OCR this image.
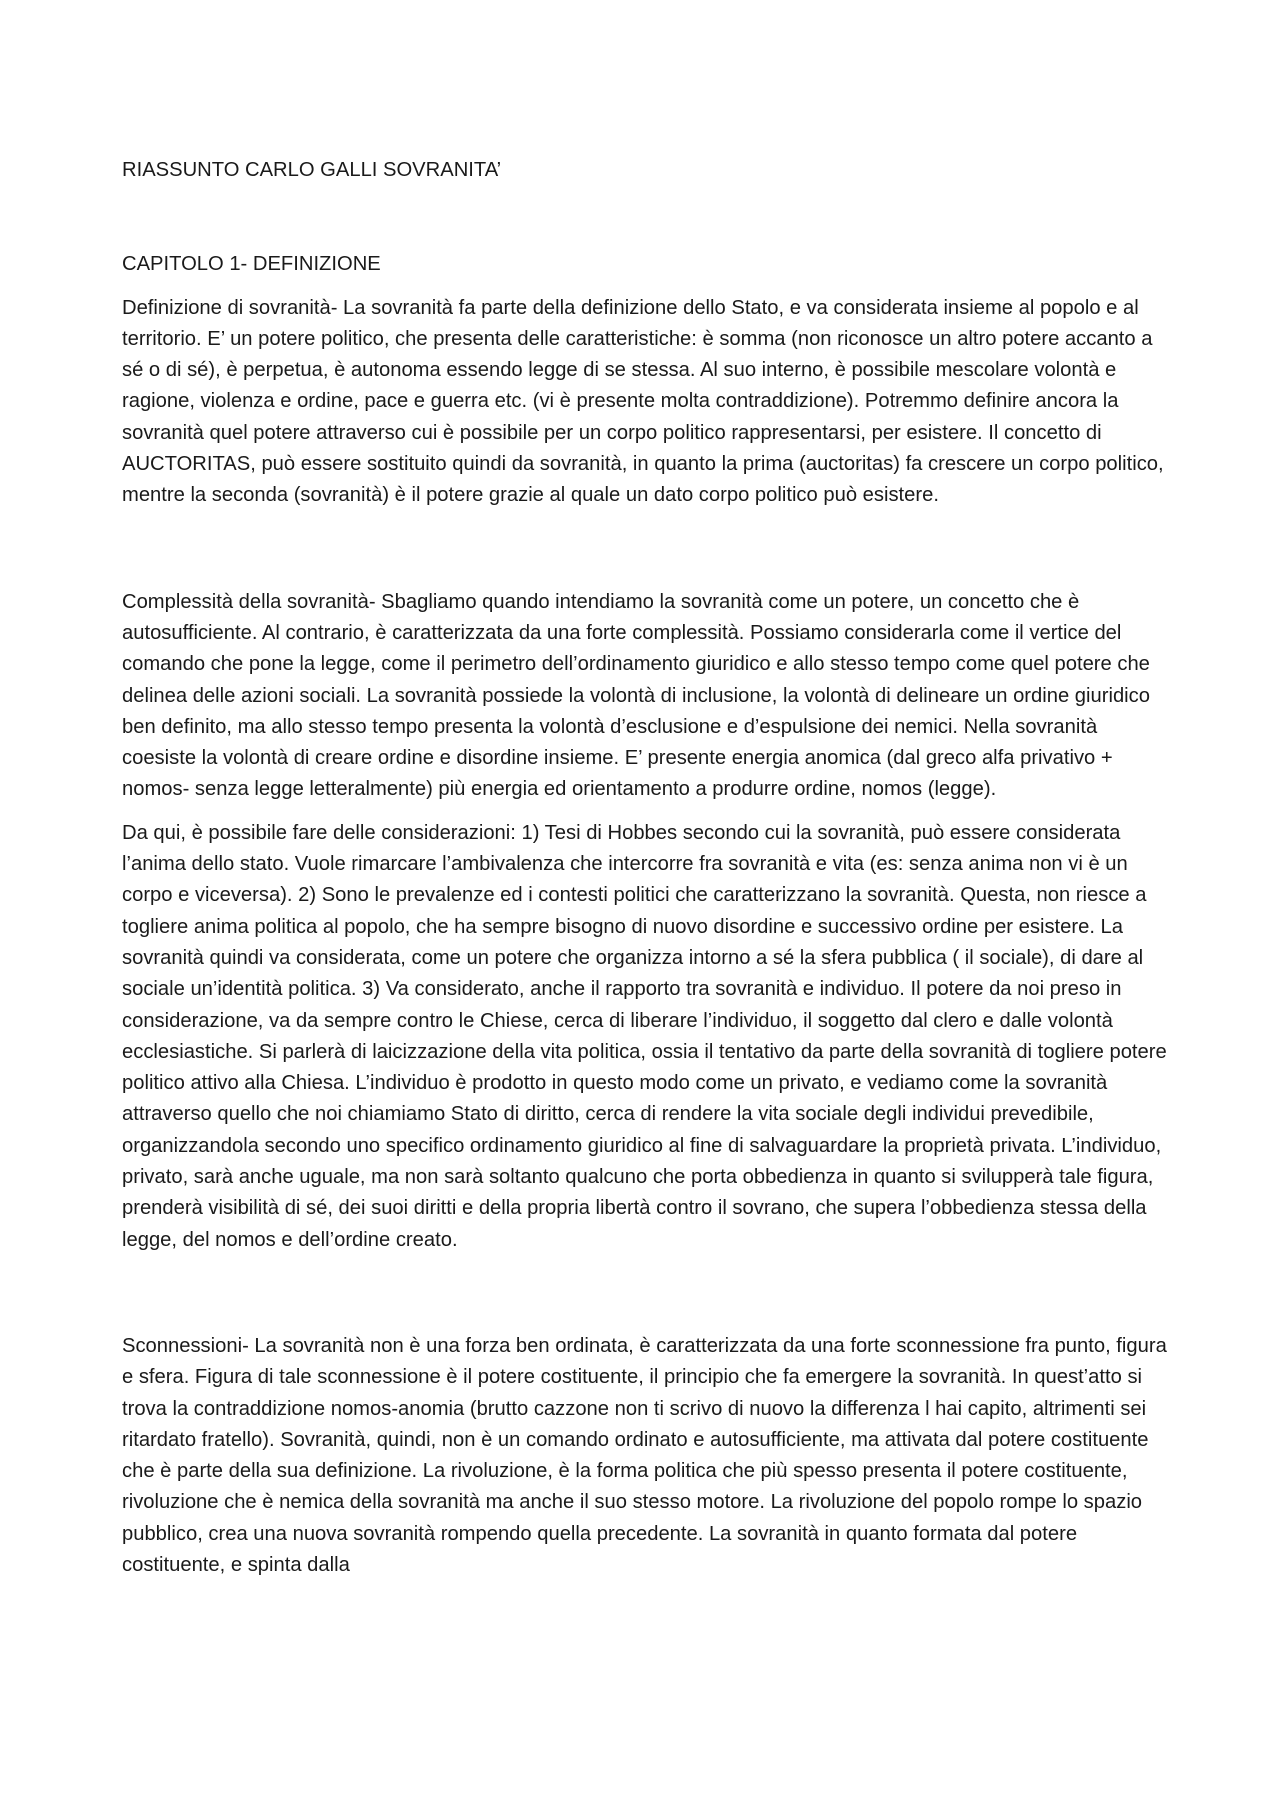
RIASSUNTO CARLO GALLI SOVRANITA’
CAPITOLO 1- DEFINIZIONE

Definizione di sovranità- La sovranità fa parte della definizione dello Stato, e va considerata insieme al popolo e al territorio. E’ un potere politico, che presenta delle caratteristiche: è somma (non riconosce un altro potere accanto a sé o di sé), è perpetua, è autonoma essendo legge di se stessa. Al suo interno, è possibile mescolare volontà e ragione, violenza e ordine, pace e guerra etc. (vi è presente molta contraddizione). Potremmo definire ancora la sovranità quel potere attraverso cui è possibile per un corpo politico rappresentarsi, per esistere. Il concetto di AUCTORITAS, può essere sostituito quindi da sovranità, in quanto la prima (auctoritas) fa crescere un corpo politico, mentre la seconda (sovranità) è il potere grazie al quale un dato corpo politico può esistere.

Complessità della sovranità- Sbagliamo quando intendiamo la sovranità come un potere, un concetto che è autosufficiente. Al contrario, è caratterizzata da una forte complessità. Possiamo considerarla come il vertice del comando che pone la legge, come il perimetro dell’ordinamento giuridico e allo stesso tempo come quel potere che delinea delle azioni sociali. La sovranità possiede la volontà di inclusione, la volontà di delineare un ordine giuridico ben definito, ma allo stesso tempo presenta la volontà d’esclusione e d’espulsione dei nemici. Nella sovranità coesiste la volontà di creare ordine e disordine insieme. E’ presente energia anomica (dal greco alfa privativo + nomos- senza legge letteralmente) più energia ed orientamento a produrre ordine, nomos (legge).

Da qui, è possibile fare delle considerazioni: 1) Tesi di Hobbes secondo cui la sovranità, può essere considerata l’anima dello stato. Vuole rimarcare l’ambivalenza che intercorre fra sovranità e vita (es: senza anima non vi è un corpo e viceversa). 2) Sono le prevalenze ed i contesti politici che caratterizzano la sovranità. Questa, non riesce a togliere anima politica al popolo, che ha sempre bisogno di nuovo disordine e successivo ordine per esistere. La sovranità quindi va considerata, come un potere che organizza intorno a sé la sfera pubblica ( il sociale), di dare al sociale un’identità politica. 3) Va considerato, anche il rapporto tra sovranità e individuo. Il potere da noi preso in considerazione, va da sempre contro le Chiese, cerca di liberare l’individuo, il soggetto dal clero e dalle volontà ecclesiastiche. Si parlerà di laicizzazione della vita politica, ossia il tentativo da parte della sovranità di togliere potere politico attivo alla Chiesa. L’individuo è prodotto in questo modo come un privato, e vediamo come la sovranità attraverso quello che noi chiamiamo Stato di diritto, cerca di rendere la vita sociale degli individui prevedibile, organizzandola secondo uno specifico ordinamento giuridico al fine di salvaguardare la proprietà privata. L’individuo, privato, sarà anche uguale, ma non sarà soltanto qualcuno che porta obbedienza in quanto si svilupperà tale figura, prenderà visibilità di sé, dei suoi diritti e della propria libertà contro il sovrano, che supera l’obbedienza stessa della legge, del nomos e dell’ordine creato.

Sconnessioni- La sovranità non è una forza ben ordinata, è caratterizzata da una forte sconnessione fra punto, figura e sfera. Figura di tale sconnessione è il potere costituente, il principio che fa emergere la sovranità. In quest’atto si trova la contraddizione nomos-anomia (brutto cazzone non ti scrivo di nuovo la differenza l hai capito, altrimenti sei ritardato fratello). Sovranità, quindi, non è un comando ordinato e autosufficiente, ma attivata dal potere costituente che è parte della sua definizione. La rivoluzione, è la forma politica che più spesso presenta il potere costituente, rivoluzione che è nemica della sovranità ma anche il suo stesso motore. La rivoluzione del popolo rompe lo spazio pubblico, crea una nuova sovranità rompendo quella precedente. La sovranità in quanto formata dal potere costituente, e spinta dalla
